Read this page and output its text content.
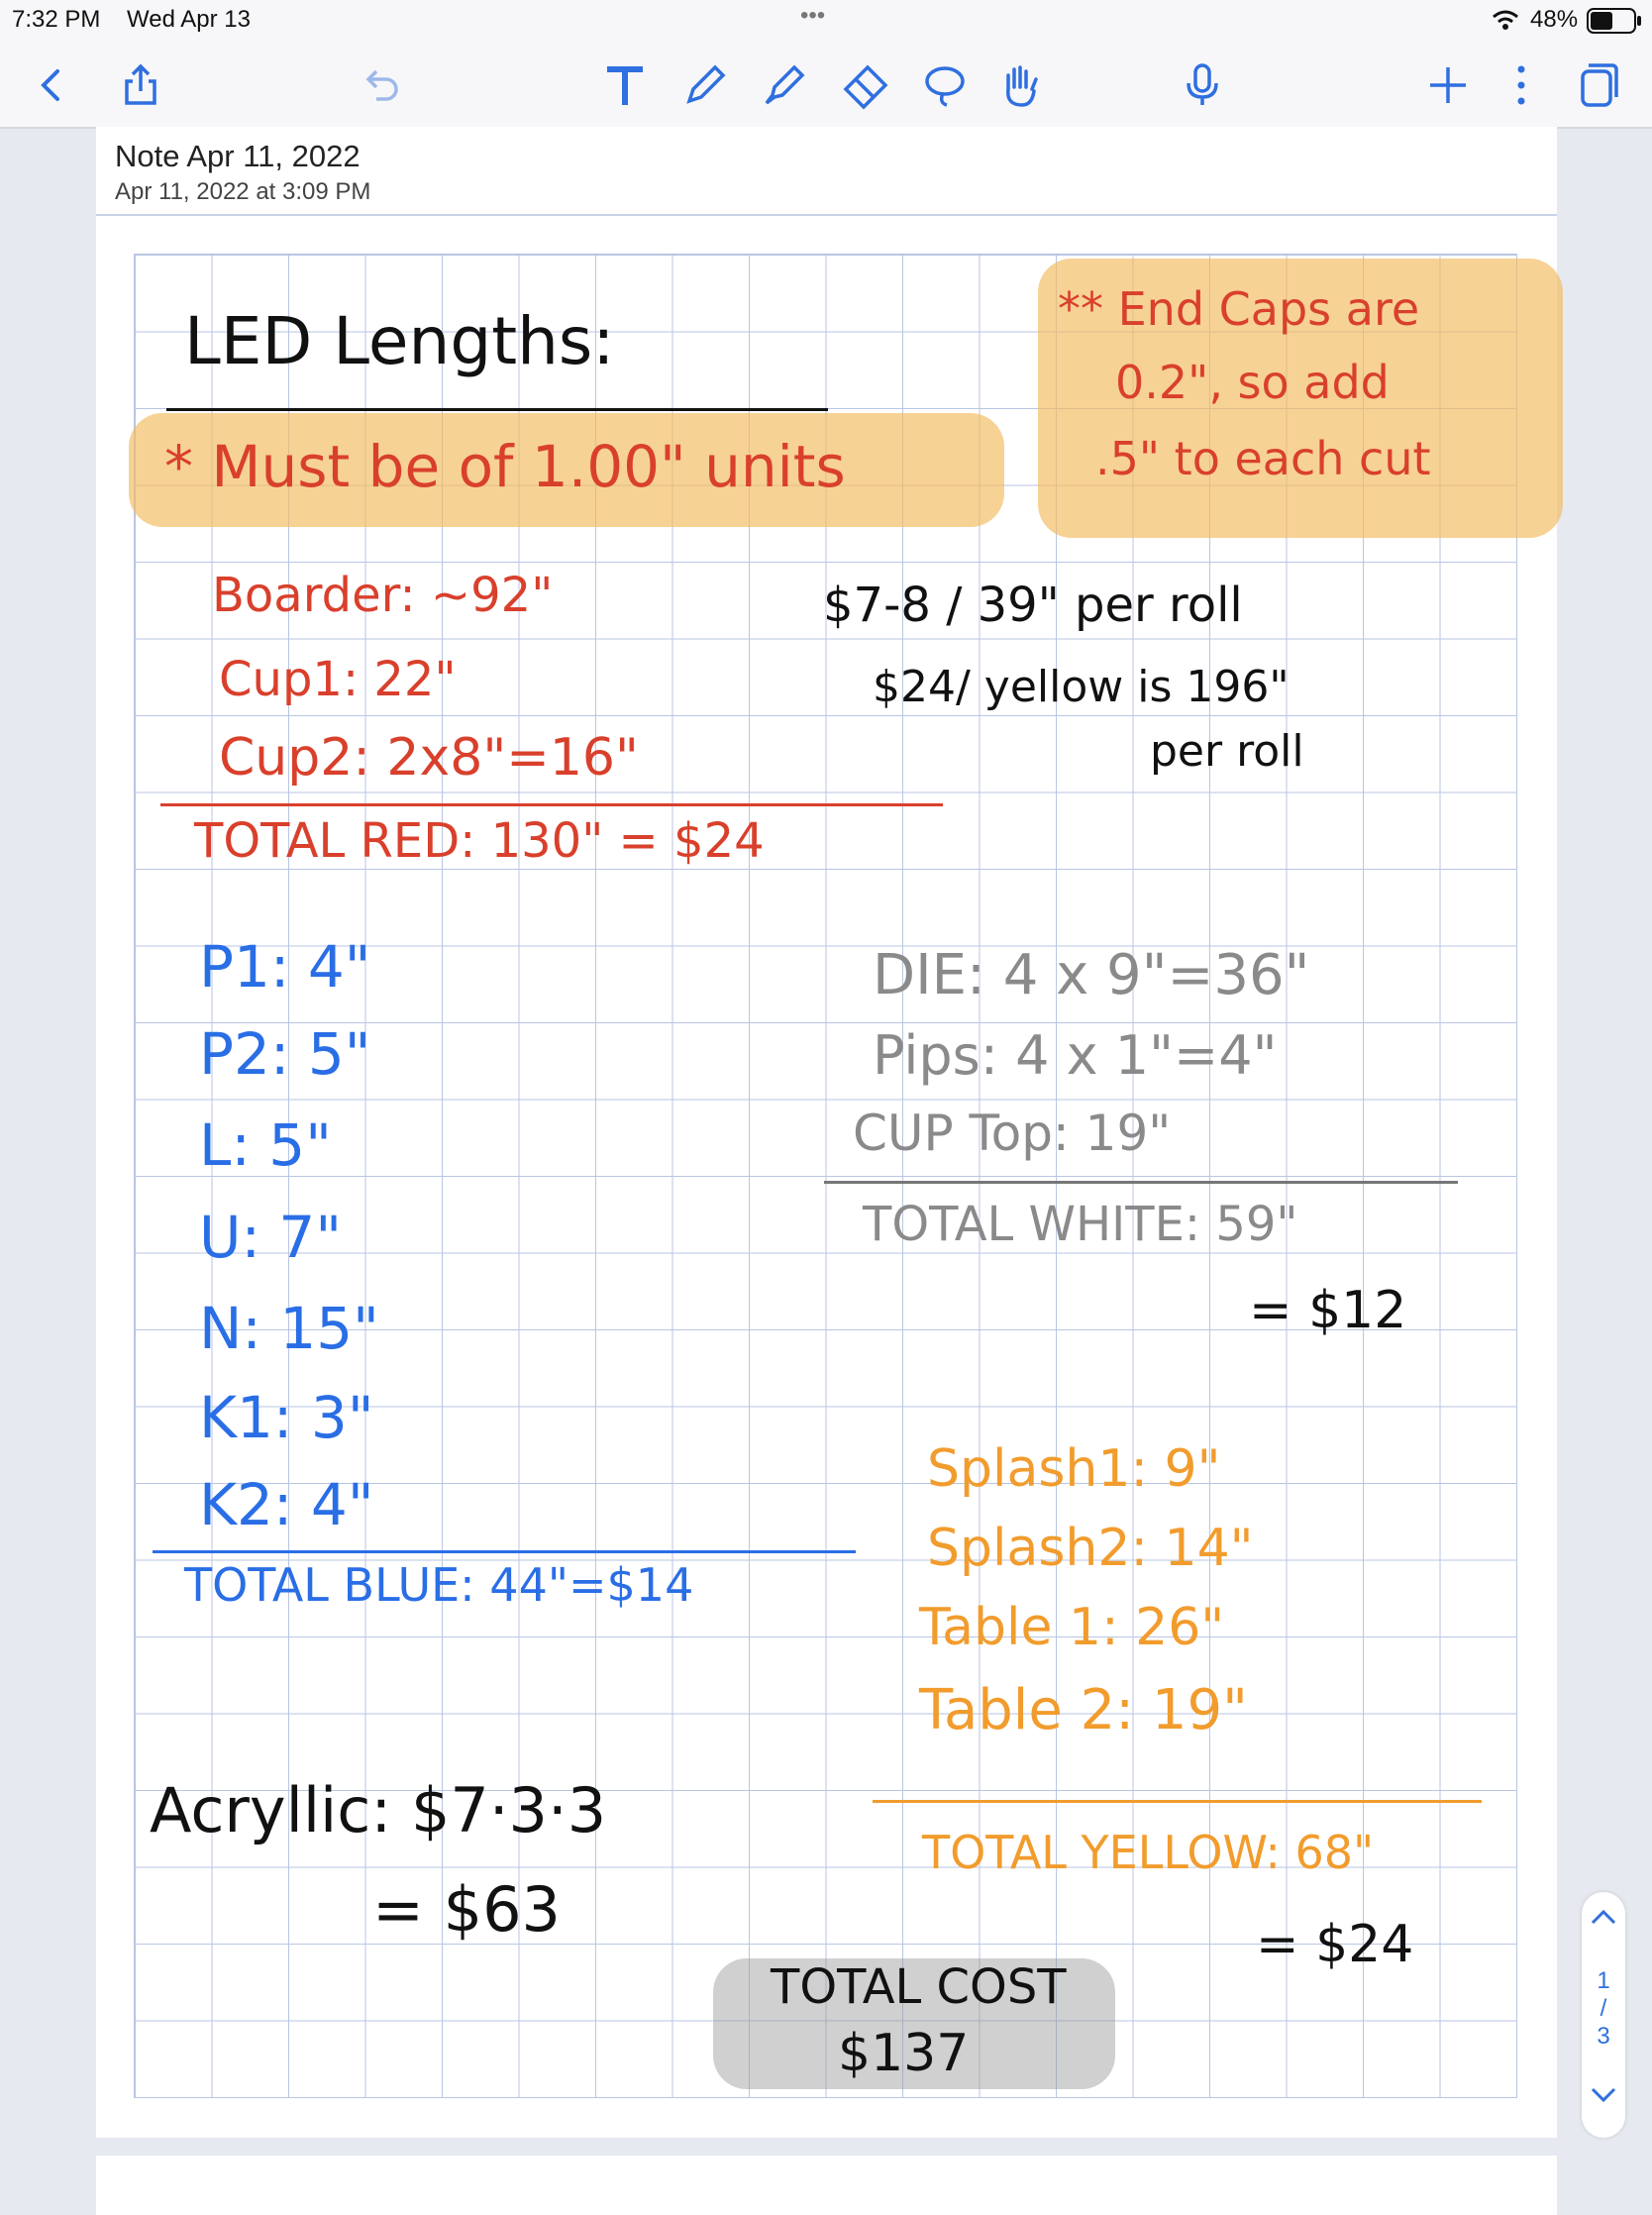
7:32 PM Wed Apr 13	•••	48%
Note Apr 11, 2022
Apr 11, 2022 at 3:09 PM
LED Lengths:
* Must be of 1.00" units
** End Caps are
0.2", so add
.5" to each cut
$7-8 / 39" per roll
$24/ yellow is 196"
per roll
Boarder: ~92"
Cup1: 22"
Cup2: 2x8"=16"
TOTAL RED: 130" = $24
P1: 4"
P2: 5"
L: 5"
U: 7"
N: 15"
K1: 3"
K2: 4"
TOTAL BLUE: 44"=$14
DIE: 4 x 9"=36"
Pips: 4 x 1"=4"
CUP Top: 19"
TOTAL WHITE: 59"
= $12
Splash1: 9"
Splash2: 14"
Table 1: 26"
Table 2: 19"
TOTAL YELLOW: 68"
= $24
Acryllic: $7·3·3
= $63
TOTAL COST
$137
1
/
3
